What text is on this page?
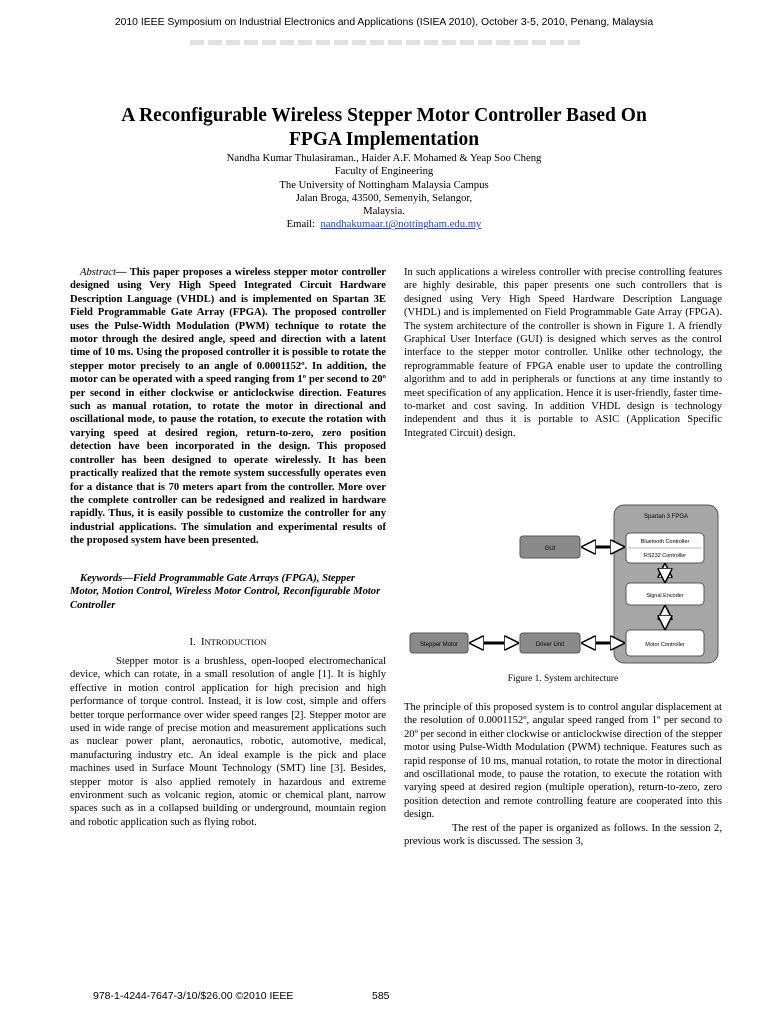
2010 IEEE Symposium on Industrial Electronics and Applications (ISIEA 2010), October 3-5, 2010, Penang, Malaysia
A Reconfigurable Wireless Stepper Motor Controller Based On
FPGA Implementation
Nandha Kumar Thulasiraman., Haider A.F. Mohamed & Yeap Soo Cheng
Faculty of Engineering
The University of Nottingham Malaysia Campus
Jalan Broga, 43500, Semenyih, Selangor,
Malaysia.
Email: nandhakumaar.t@nottingham.edu.my

Abstract— This paper proposes a wireless stepper motor controller designed using Very High Speed Integrated Circuit Hardware Description Language (VHDL) and is implemented on Spartan 3E Field Programmable Gate Array (FPGA). The proposed controller uses the Pulse-Width Modulation (PWM) technique to rotate the motor through the desired angle, speed and direction with a latent time of 10 ms. Using the proposed controller it is possible to rotate the stepper motor precisely to an angle of 0.0001152º. In addition, the motor can be operated with a speed ranging from 1º per second to 20º per second in either clockwise or anticlockwise direction. Features such as manual rotation, to rotate the motor in directional and oscillational mode, to pause the rotation, to execute the rotation with varying speed at desired region, return-to-zero, zero position detection have been incorporated in the design. This proposed controller has been designed to operate wirelessly. It has been practically realized that the remote system successfully operates even for a distance that is 70 meters apart from the controller. More over the complete controller can be redesigned and realized in hardware rapidly. Thus, it is easily possible to customize the controller for any industrial applications. The simulation and experimental results of the proposed system have been presented.

Keywords—Field Programmable Gate Arrays (FPGA), Stepper Motor, Motion Control, Wireless Motor Control, Reconfigurable Motor Controller

I. INTRODUCTION

Stepper motor is a brushless, open-looped electromechanical device, which can rotate, in a small resolution of angle [1]. It is highly effective in motion control application for high precision and high performance of torque control. Instead, it is low cost, simple and offers better torque performance over wider speed ranges [2]. Stepper motor are used in wide range of precise motion and measurement applications such as nuclear power plant, aeronautics, robotic, automotive, medical, manufacturing industry etc. An ideal example is the pick and place machines used in Surface Mount Technology (SMT) line [3]. Besides, stepper motor is also applied remotely in hazardous and extreme environment such as volcanic region, atomic or chemical plant, narrow spaces such as in a collapsed building or underground, mountain region and robotic application such as flying robot.

In such applications a wireless controller with precise controlling features are highly desirable, this paper presents one such controllers that is designed using Very High Speed Hardware Description Language (VHDL) and is implemented on Field Programmable Gate Array (FPGA). The system architecture of the controller is shown in Figure 1. A friendly Graphical User Interface (GUI) is designed which serves as the control interface to the stepper motor controller. Unlike other technology, the reprogrammable feature of FPGA enable user to update the controlling algorithm and to add in peripherals or functions at any time instantly to meet specification of any application. Hence it is user-friendly, faster time-to-market and cost saving. In addition VHDL design is technology independent and thus it is portable to ASIC (Application Specific Integrated Circuit) design.

Spartan 3 FPGA
Bluetooth Controller
RS232 Controller
Signal Encoder
Motor Controller
GUI
Driver Unit
Stepper Motor
Figure 1. System architecture

The principle of this proposed system is to control angular displacement at the resolution of 0.0001152º, angular speed ranged from 1º per second to 20º per second in either clockwise or anticlockwise direction of the stepper motor using Pulse-Width Modulation (PWM) technique. Features such as rapid response of 10 ms, manual rotation, to rotate the motor in directional and oscillational mode, to pause the rotation, to execute the rotation with varying speed at desired region (multiple operation), return-to-zero, zero position detection and remote controlling feature are cooperated into this design.

The rest of the paper is organized as follows. In the session 2, previous work is discussed. The session 3,

978-1-4244-7647-3/10/$26.00 ©2010 IEEE	585
